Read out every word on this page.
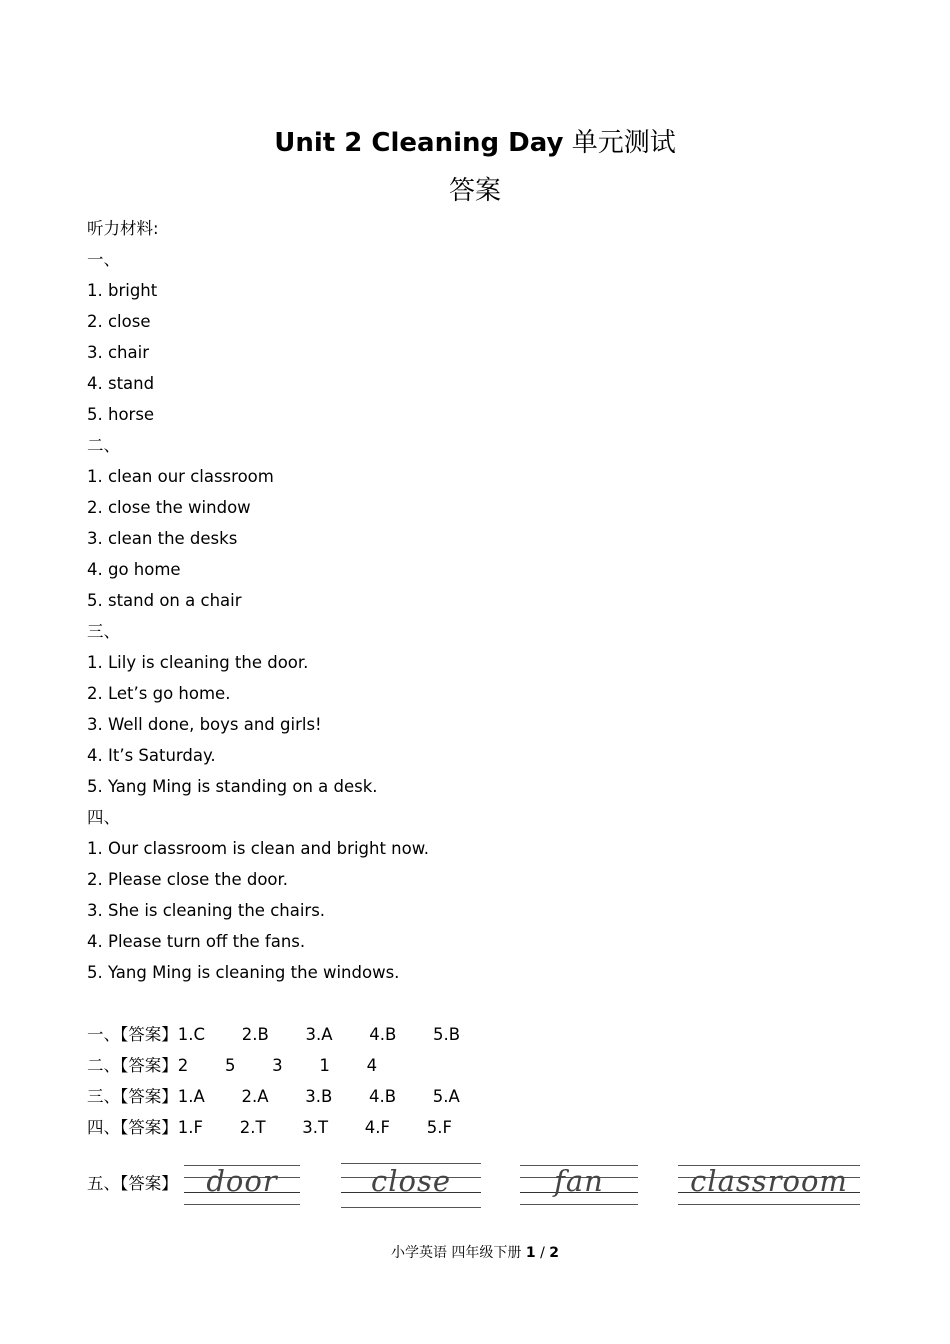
Unit 2 Cleaning Day 单元测试
答案
听力材料:
一、
1. bright
2. close
3. chair
4. stand
5. horse
二、
1. clean our classroom
2. close the window
3. clean the desks
4. go home
5. stand on a chair
三、
1. Lily is cleaning the door.
2. Let’s go home.
3. Well done, boys and girls!
4. It’s Saturday.
5. Yang Ming is standing on a desk.
四、
1. Our classroom is clean and bright now.
2. Please close the door.
3. She is cleaning the chairs.
4. Please turn off the fans.
5. Yang Ming is cleaning the windows.
一、【答案】1.C       2.B       3.A       4.B       5.B
二、【答案】2       5       3       1       4
三、【答案】1.A       2.A       3.B       4.B       5.A
四、【答案】1.F       2.T       3.T       4.F       5.F
五、【答案】 door	close	fan	classroom
小学英语 四年级下册 1 / 2
